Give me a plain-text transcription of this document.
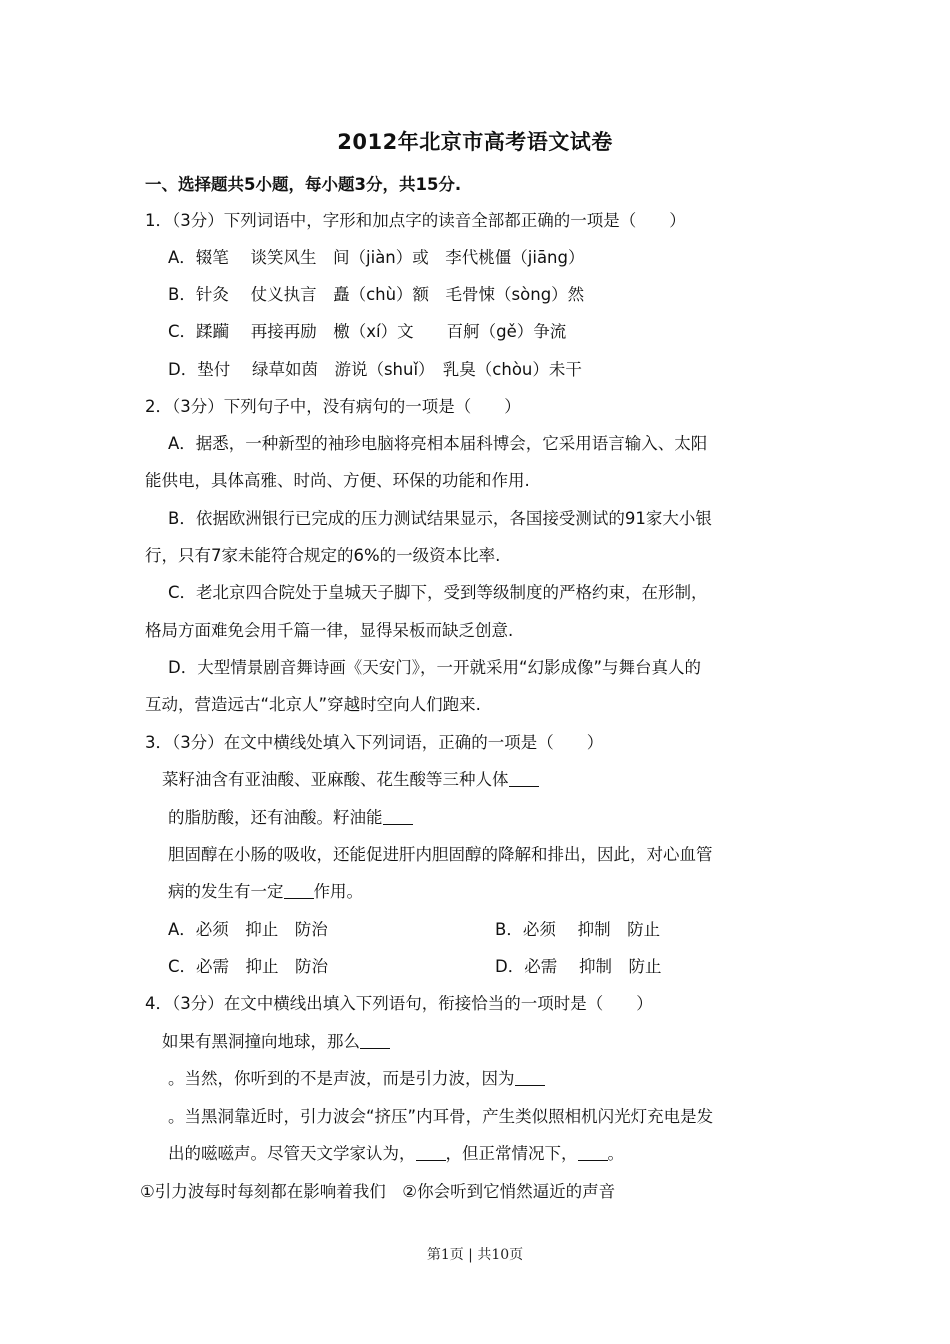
2012年北京市高考语文试卷
一、选择题共5小题，每小题3分，共15分.
1．（3分）下列词语中，字形和加点字的读音全部都正确的一项是（　　）
A．辍笔　 谈笑风生　间（jiàn）或　李代桃僵（jiāng）
B．针灸　 仗义执言　矗（chù）额　毛骨悚（sòng）然
C．蹂躏　 再接再励　檄（xí）文　　百舸（gě）争流
D．垫付　 绿草如茵　游说（shuǐ）　乳臭（chòu）未干
2．（3分）下列句子中，没有病句的一项是（　　）
A．据悉，一种新型的袖珍电脑将亮相本届科博会，它采用语言输入、太阳
能供电，具体高雅、时尚、方便、环保的功能和作用.
B．依据欧洲银行已完成的压力测试结果显示，各国接受测试的91家大小银
行，只有7家未能符合规定的6%的一级资本比率.
C．老北京四合院处于皇城天子脚下，受到等级制度的严格约束，在形制，
格局方面难免会用千篇一律，显得呆板而缺乏创意.
D．大型情景剧音舞诗画《天安门》，一开就采用“幻影成像”与舞台真人的
互动，营造远古“北京人”穿越时空向人们跑来.
3．（3分）在文中横线处填入下列词语，正确的一项是（　　）
菜籽油含有亚油酸、亚麻酸、花生酸等三种人体
的脂肪酸，还有油酸。籽油能
胆固醇在小肠的吸收，还能促进肝内胆固醇的降解和排出，因此，对心血管
病的发生有一定 作用。
A．必须　抑止　防治	B．必须　 抑制　防止
C．必需　抑止　防治	D．必需　 抑制　防止
4．（3分）在文中横线出填入下列语句，衔接恰当的一项时是（　　）
如果有黑洞撞向地球，那么
。当然，你听到的不是声波，而是引力波，因为
。当黑洞靠近时，引力波会“挤压”内耳骨，产生类似照相机闪光灯充电是发
出的嗞嗞声。尽管天文学家认为， ，但正常情况下， 。
①引力波每时每刻都在影响着我们　②你会听到它悄然逼近的声音
第1页 | 共10页
